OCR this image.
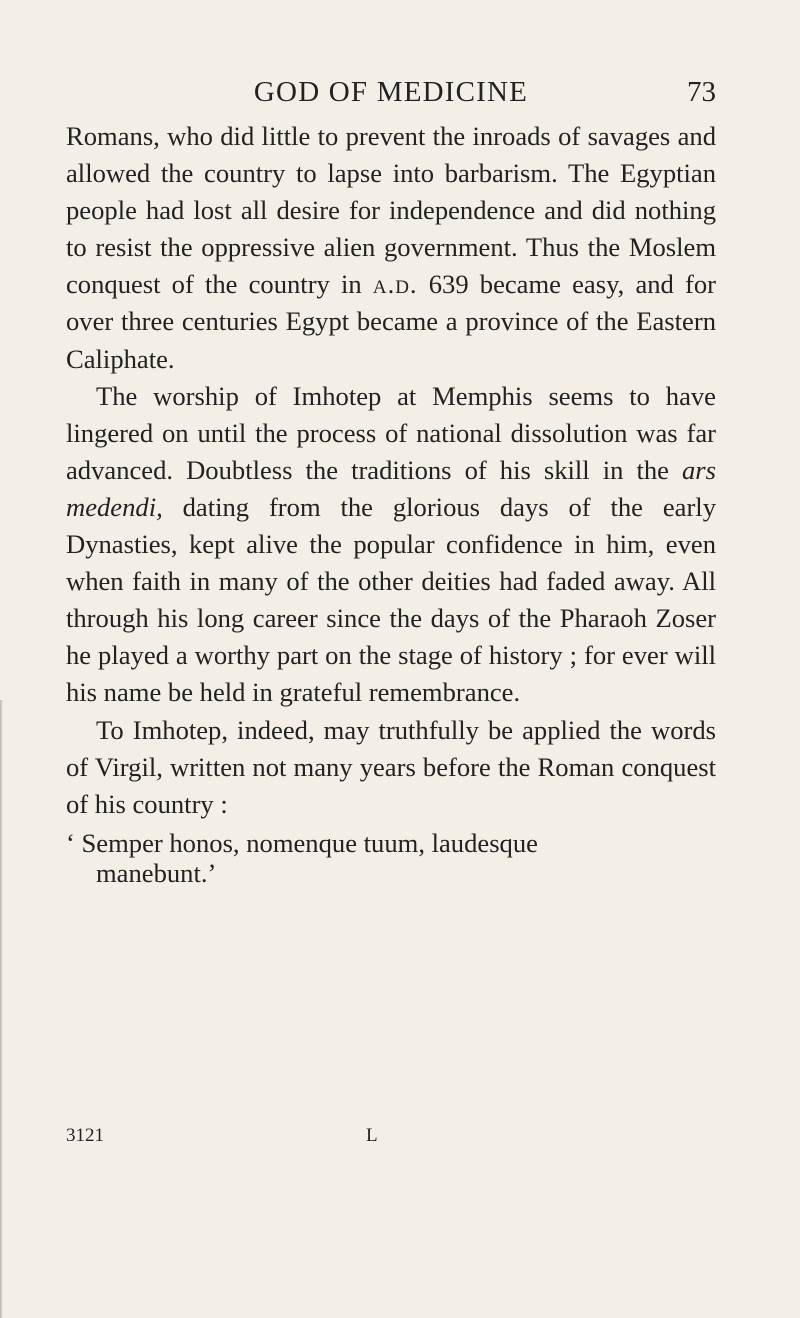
GOD OF MEDICINE	73

Romans, who did little to prevent the inroads of savages and allowed the country to lapse into barbarism. The Egyptian people had lost all desire for independence and did nothing to resist the oppressive alien government. Thus the Moslem conquest of the country in a.d. 639 became easy, and for over three centuries Egypt became a province of the Eastern Caliphate.

The worship of Imhotep at Memphis seems to have lingered on until the process of national dissolution was far advanced. Doubtless the traditions of his skill in the ars medendi, dating from the glorious days of the early Dynasties, kept alive the popular confidence in him, even when faith in many of the other deities had faded away. All through his long career since the days of the Pharaoh Zoser he played a worthy part on the stage of history ; for ever will his name be held in grateful remembrance.

To Imhotep, indeed, may truthfully be applied the words of Virgil, written not many years before the Roman conquest of his country :

‘ Semper honos, nomenque tuum, laudesque
manebunt.’
3121	L
